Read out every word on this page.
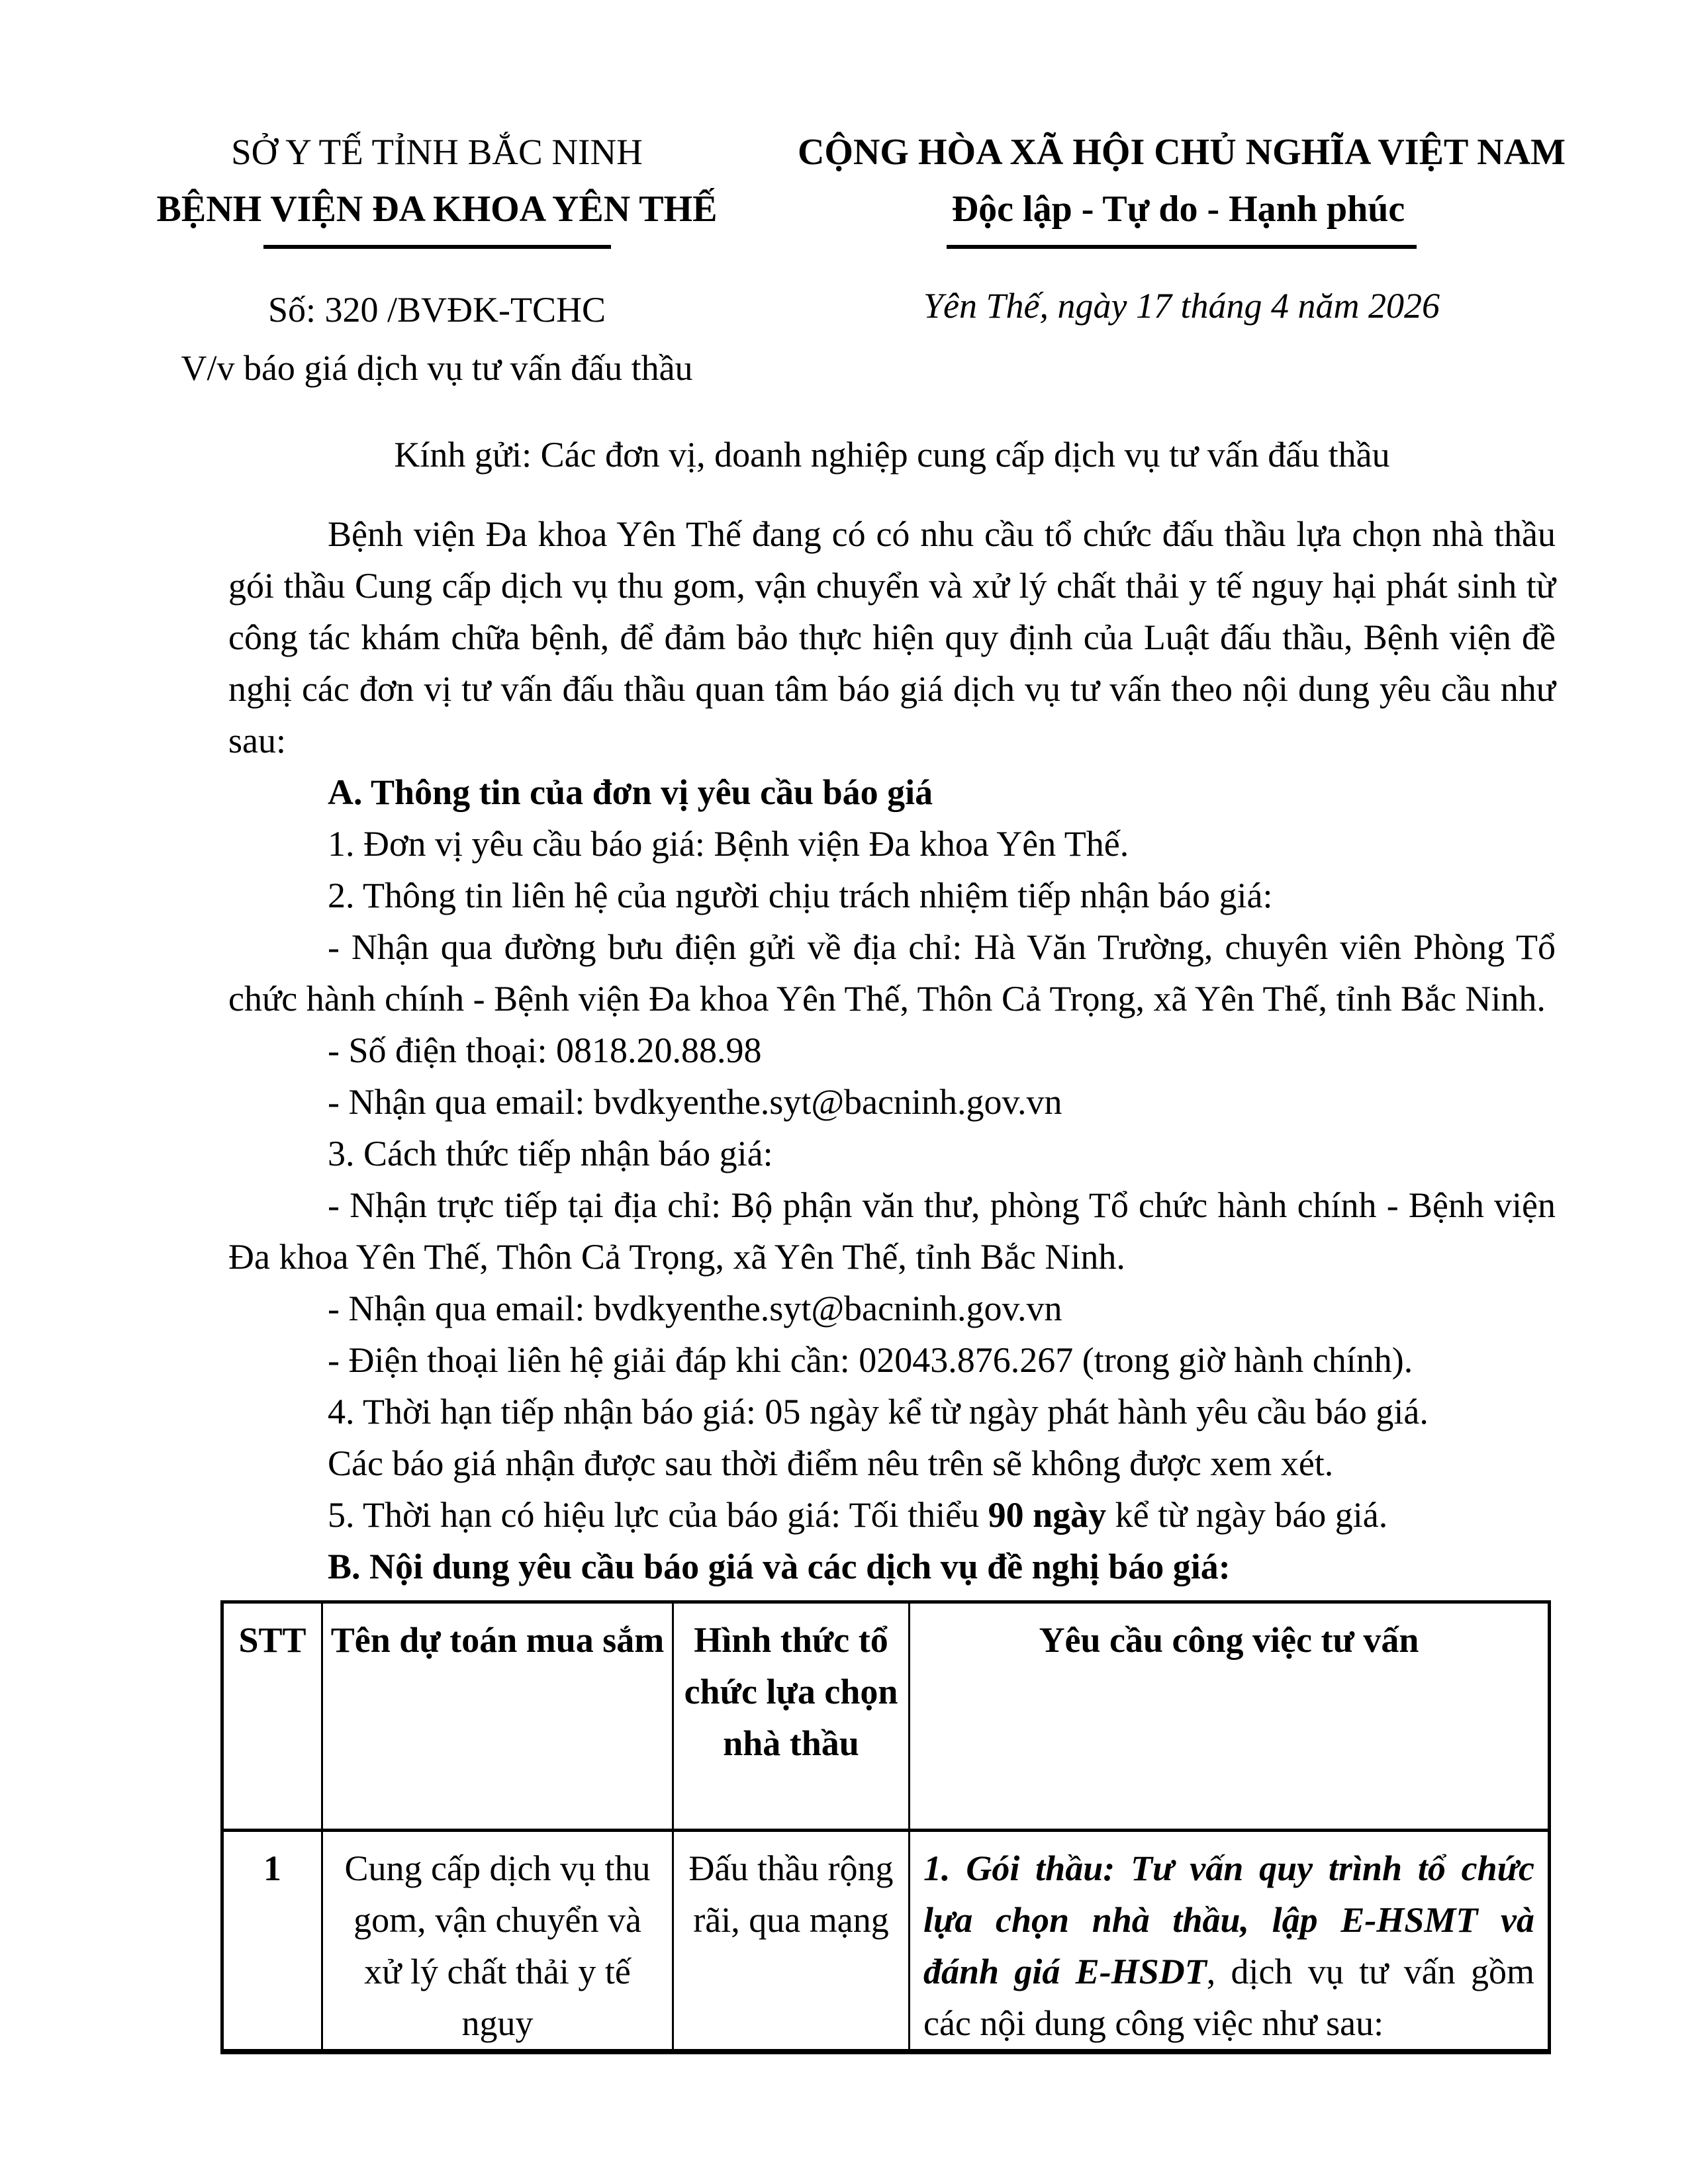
SỞ Y TẾ TỈNH BẮC NINH
BỆNH VIỆN ĐA KHOA YÊN THẾ
Số: 320 /BVĐK-TCHC
V/v báo giá dịch vụ tư vấn đấu thầu
CỘNG HÒA XÃ HỘI CHỦ NGHĨA VIỆT NAM
Độc lập - Tự do - Hạnh phúc
Yên Thế, ngày 17 tháng 4 năm 2026
Kính gửi: Các đơn vị, doanh nghiệp cung cấp dịch vụ tư vấn đấu thầu

Bệnh viện Đa khoa Yên Thế đang có có nhu cầu tổ chức đấu thầu lựa chọn nhà thầu gói thầu Cung cấp dịch vụ thu gom, vận chuyển và xử lý chất thải y tế nguy hại phát sinh từ công tác khám chữa bệnh, để đảm bảo thực hiện quy định của Luật đấu thầu, Bệnh viện đề nghị các đơn vị tư vấn đấu thầu quan tâm báo giá dịch vụ tư vấn theo nội dung yêu cầu như sau:

A. Thông tin của đơn vị yêu cầu báo giá

1. Đơn vị yêu cầu báo giá: Bệnh viện Đa khoa Yên Thế.

2. Thông tin liên hệ của người chịu trách nhiệm tiếp nhận báo giá:

- Nhận qua đường bưu điện gửi về địa chỉ: Hà Văn Trường, chuyên viên Phòng Tổ chức hành chính - Bệnh viện Đa khoa Yên Thế, Thôn Cả Trọng, xã Yên Thế, tỉnh Bắc Ninh.

- Số điện thoại: 0818.20.88.98

- Nhận qua email: bvdkyenthe.syt@bacninh.gov.vn

3. Cách thức tiếp nhận báo giá:

- Nhận trực tiếp tại địa chỉ: Bộ phận văn thư, phòng Tổ chức hành chính - Bệnh viện Đa khoa Yên Thế, Thôn Cả Trọng, xã Yên Thế, tỉnh Bắc Ninh.

- Nhận qua email: bvdkyenthe.syt@bacninh.gov.vn

- Điện thoại liên hệ giải đáp khi cần: 02043.876.267 (trong giờ hành chính).

4. Thời hạn tiếp nhận báo giá: 05 ngày kể từ ngày phát hành yêu cầu báo giá.

Các báo giá nhận được sau thời điểm nêu trên sẽ không được xem xét.

5. Thời hạn có hiệu lực của báo giá: Tối thiểu 90 ngày kể từ ngày báo giá.

B. Nội dung yêu cầu báo giá và các dịch vụ đề nghị báo giá:

STT	Tên dự toán mua sắm	Hình thức tổ chức lựa chọn nhà thầu	Yêu cầu công việc tư vấn

1	Cung cấp dịch vụ thu gom, vận chuyển và xử lý chất thải y tế nguy	Đấu thầu rộng rãi, qua mạng	1. Gói thầu: Tư vấn quy trình tổ chức lựa chọn nhà thầu, lập E-HSMT và đánh giá E-HSDT, dịch vụ tư vấn gồm các nội dung công việc như sau:
